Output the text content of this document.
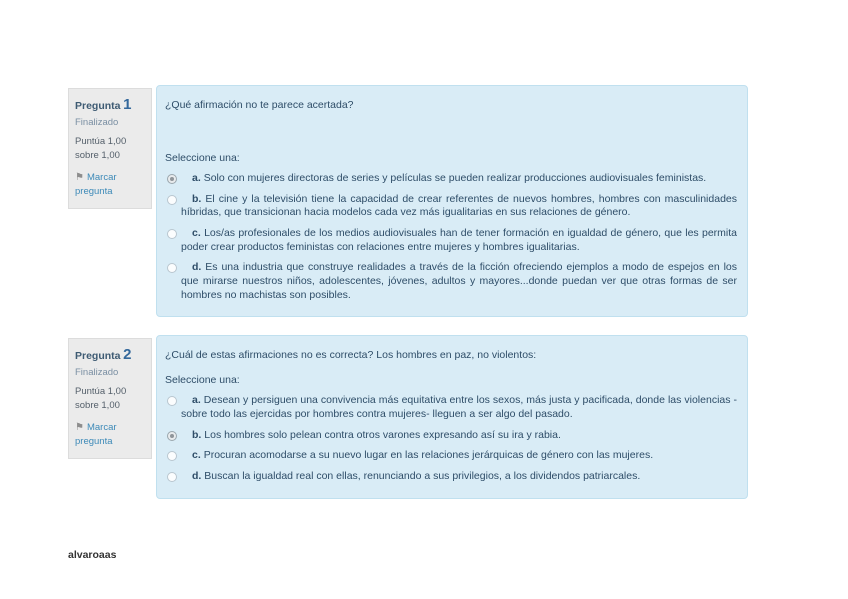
Pregunta 1
Finalizado
Puntúa 1,00 sobre 1,00
⚑ Marcar pregunta
¿Qué afirmación no te parece acertada?
Seleccione una:
a. Solo con mujeres directoras de series y películas se pueden realizar producciones audiovisuales feministas.
b. El cine y la televisión tiene la capacidad de crear referentes de nuevos hombres, hombres con masculinidades híbridas, que transicionan hacia modelos cada vez más igualitarias en sus relaciones de género.
c. Los/as profesionales de los medios audiovisuales han de tener formación en igualdad de género, que les permita poder crear productos feministas con relaciones entre mujeres y hombres igualitarias.
d. Es una industria que construye realidades a través de la ficción ofreciendo ejemplos a modo de espejos en los que mirarse nuestros niños, adolescentes, jóvenes, adultos y mayores...donde puedan ver que otras formas de ser hombres no machistas son posibles.
Pregunta 2
Finalizado
Puntúa 1,00 sobre 1,00
⚑ Marcar pregunta
¿Cuál de estas afirmaciones no es correcta? Los hombres en paz, no violentos:
Seleccione una:
a. Desean y persiguen una convivencia más equitativa entre los sexos, más justa y pacificada, donde las violencias -sobre todo las ejercidas por hombres contra mujeres- lleguen a ser algo del pasado.
b. Los hombres solo pelean contra otros varones expresando así su ira y rabia.
c. Procuran acomodarse a su nuevo lugar en las relaciones jerárquicas de género con las mujeres.
d. Buscan la igualdad real con ellas, renunciando a sus privilegios, a los dividendos patriarcales.
alvaroaas
